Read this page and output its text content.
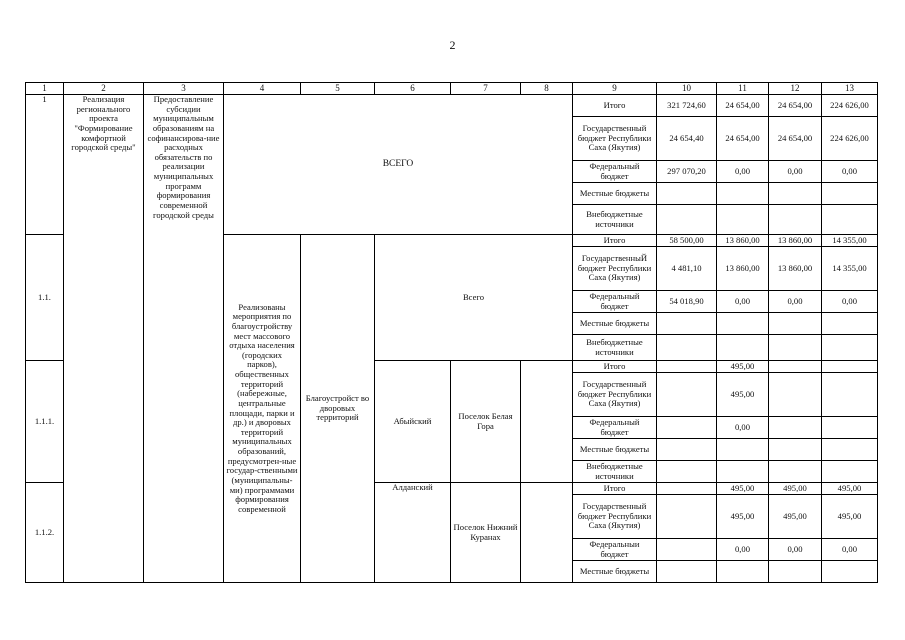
2
1	2	3	4	5	6	7	8	9	10	11	12	13
1	Реализация регионального проекта "Формирование комфортной городской среды"	Предоставление субсидии муниципальным образованиям на софинансирова-ние расходных обязательств по реализации муниципальных программ формирования современной городской среды	ВСЕГО					Итого	321 724,60	24 654,00	24 654,00	224 626,00
								Государственный бюджет Республики Саха (Якутия)	24 654,40	24 654,00	24 654,00	224 626,00
								Федеральный бюджет	297 070,20	0,00	0,00	0,00
								Местные бюджеты				
								Внебюджетные источники				
1.1.			Реализованы мероприятия по благоустройству мест массового отдыха населения (городских парков), общественных территорий (набережные, центральные площади, парки и др.) и дворовых территорий муниципальных образований, предусмотрен-ные государ-ственными (муниципальны-ми) программами формирования современной	Благоустройст во дворовых территорий	Всего			Итого	58 500,00	13 860,00	13 860,00	14 355,00
								ГосударственныЙ бюджет Республики Саха (Якутия)	4 481,10	13 860,00	13 860,00	14 355,00
								Федеральный бюджет	54 018,90	0,00	0,00	0,00
								Местные бюджеты				
								Внебюджетные источники				
1.1.1.					Абыйский	Поселок Белая Гора		Итого		495,00		
								Государственный бюджет Республики Саха (Якутия)		495,00		
								Федеральный бюджет		0,00		
								Местные бюджеты				
								Внебюджетные источники				
1.1.2.					Алданский	Поселок Нижний Куранах		Итого		495,00	495,00	495,00
								Государственный бюджет Республики Саха (Якутия)		495,00	495,00	495,00
								Федеральныи бюджет		0,00	0,00	0,00
								Местные бюджеты				
